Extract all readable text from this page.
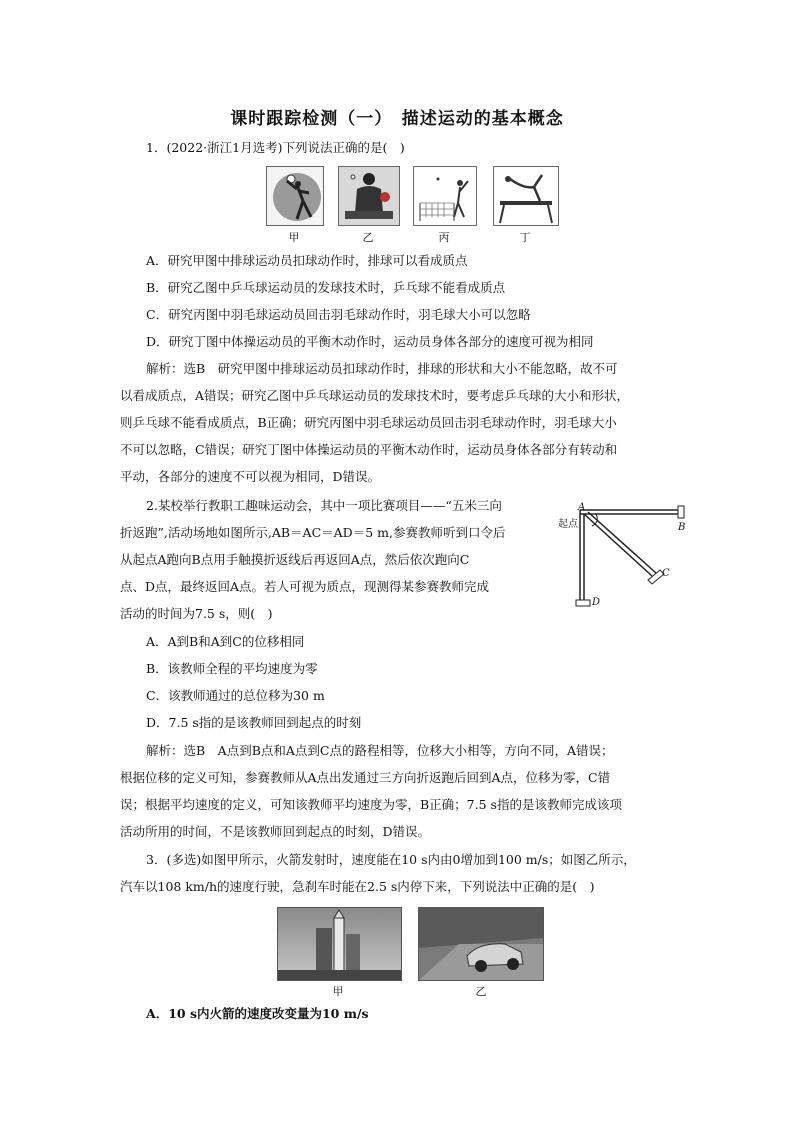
课时跟踪检测（一）　描述运动的基本概念
1．(2022·浙江1月选考)下列说法正确的是(　)
甲	乙	丙	丁
A．研究甲图中排球运动员扣球动作时，排球可以看成质点
B．研究乙图中乒乓球运动员的发球技术时，乒乓球不能看成质点
C．研究丙图中羽毛球运动员回击羽毛球动作时，羽毛球大小可以忽略
D．研究丁图中体操运动员的平衡木动作时，运动员身体各部分的速度可视为相同
解析：选B　研究甲图中排球运动员扣球动作时，排球的形状和大小不能忽略，故不可
以看成质点，A错误；研究乙图中乒乓球运动员的发球技术时，要考虑乒乓球的大小和形状，
则乒乓球不能看成质点，B正确；研究丙图中羽毛球运动员回击羽毛球动作时，羽毛球大小
不可以忽略，C错误；研究丁图中体操运动员的平衡木动作时，运动员身体各部分有转动和
平动，各部分的速度不可以视为相同，D错误。
2.某校举行教职工趣味运动会，其中一项比赛项目——“五米三向
折返跑”,活动场地如图所示,AB＝AC＝AD＝5 m,参赛教师听到口令后
从起点A跑向B点用手触摸折返线后再返回A点，然后依次跑向C
点、D点，最终返回A点。若人可视为质点，现测得某参赛教师完成
活动的时间为7.5 s，则(　)
起点
A
B
C
D
A．A到B和A到C的位移相同
B．该教师全程的平均速度为零
C．该教师通过的总位移为30 m
D．7.5 s指的是该教师回到起点的时刻
解析：选B　A点到B点和A点到C点的路程相等，位移大小相等，方向不同，A错误；
根据位移的定义可知，参赛教师从A点出发通过三方向折返跑后回到A点，位移为零，C错
误；根据平均速度的定义，可知该教师平均速度为零，B正确；7.5 s指的是该教师完成该项
活动所用的时间，不是该教师回到起点的时刻，D错误。
3．(多选)如图甲所示，火箭发射时，速度能在10 s内由0增加到100 m/s；如图乙所示，
汽车以108 km/h的速度行驶，急刹车时能在2.5 s内停下来，下列说法中正确的是(　)
甲	乙
A．10 s内火箭的速度改变量为10 m/s
